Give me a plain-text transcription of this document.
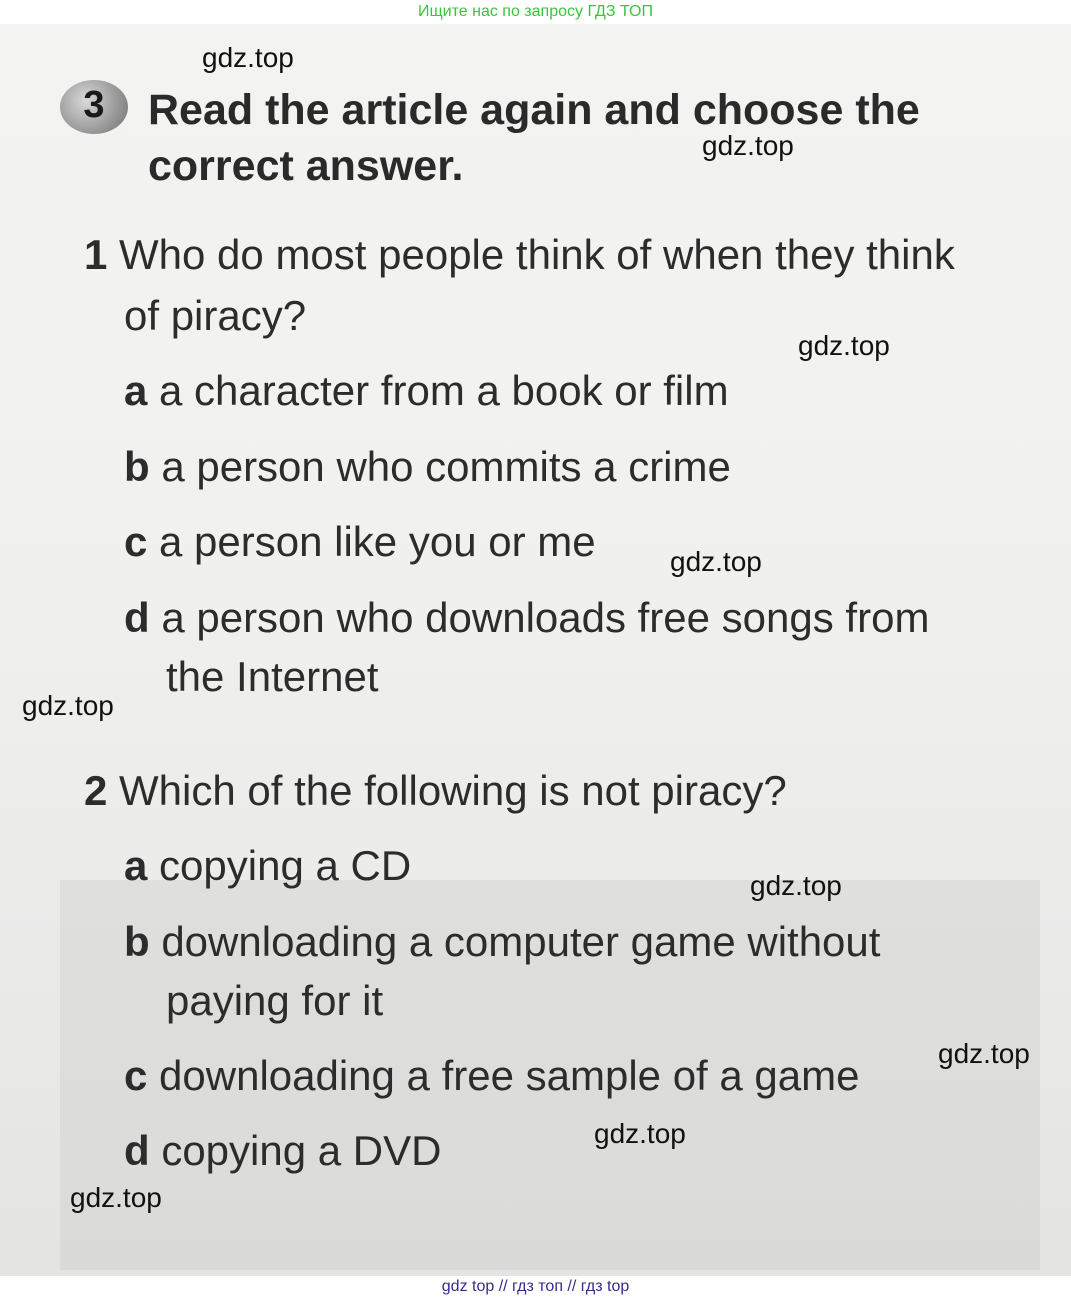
Ищите нас по запросу ГДЗ ТОП
3 Read the article again and choose the
correct answer.
1 Who do most people think of when they think
of piracy?
a a character from a book or film
b a person who commits a crime
c a person like you or me
d a person who downloads free songs from
the Internet
2 Which of the following is not piracy?
a copying a CD
b downloading a computer game without
paying for it
c downloading a free sample of a game
d copying a DVD
gdz.top
gdz.top
gdz.top
gdz.top
gdz.top
gdz.top
gdz.top
gdz.top
gdz.top
gdz top // гдз топ // гдз top
